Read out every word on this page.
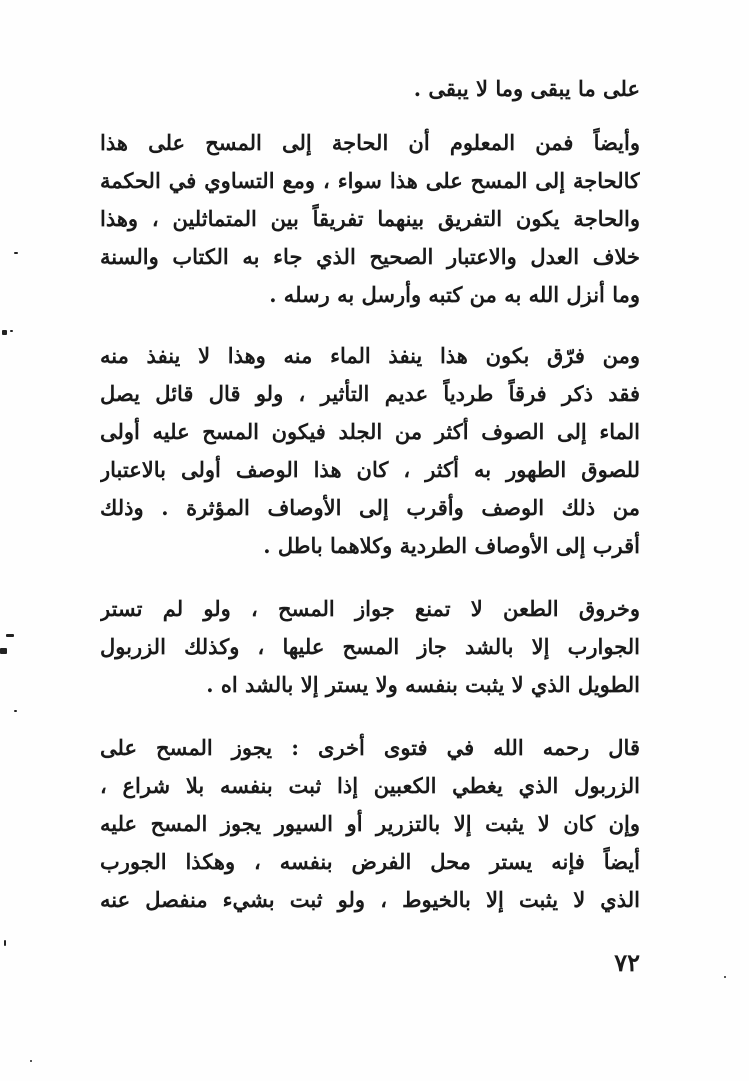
على ما يبقى وما لا يبقى .
وأيضاً فمن المعلوم أن الحاجة إلى المسح على هذا
كالحاجة إلى المسح على هذا سواء ، ومع التساوي في الحكمة
والحاجة يكون التفريق بينهما تفريقاً بين المتماثلين ، وهذا
خلاف العدل والاعتبار الصحيح الذي جاء به الكتاب والسنة
وما أنزل الله به من كتبه وأرسل به رسله .
ومن فرّق بكون هذا ينفذ الماء منه وهذا لا ينفذ منه
فقد ذكر فرقاً طردياً عديم التأثير ، ولو قال قائل يصل
الماء إلى الصوف أكثر من الجلد فيكون المسح عليه أولى
للصوق الطهور به أكثر ، كان هذا الوصف أولى بالاعتبار
من ذلك الوصف وأقرب إلى الأوصاف المؤثرة . وذلك
أقرب إلى الأوصاف الطردية وكلاهما باطل .
وخروق الطعن لا تمنع جواز المسح ، ولو لم تستر
الجوارب إلا بالشد جاز المسح عليها ، وكذلك الزربول
الطويل الذي لا يثبت بنفسه ولا يستر إلا بالشد اه .
قال رحمه الله في فتوى أخرى : يجوز المسح على
الزربول الذي يغطي الكعبين إذا ثبت بنفسه بلا شراع ،
وإن كان لا يثبت إلا بالتزرير أو السيور يجوز المسح عليه
أيضاً فإنه يستر محل الفرض بنفسه ، وهكذا الجورب
الذي لا يثبت إلا بالخيوط ، ولو ثبت بشيء منفصل عنه
٧٢
